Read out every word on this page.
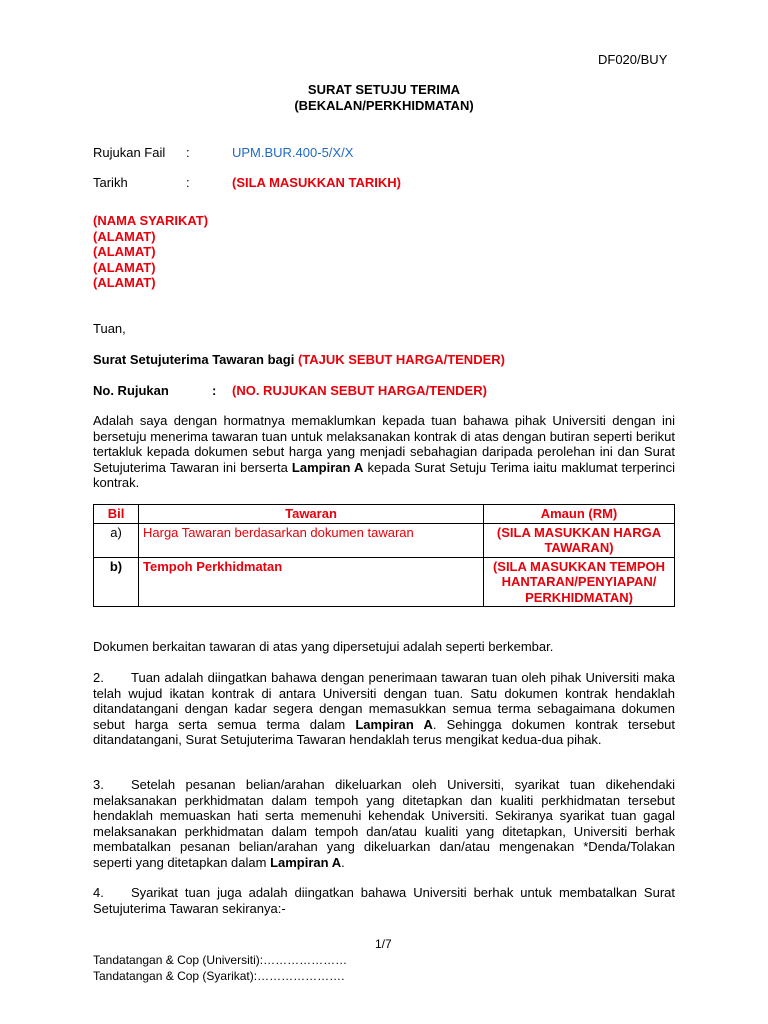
DF020/BUY
SURAT SETUJU TERIMA
(BEKALAN/PERKHIDMATAN)
Rujukan Fail :	UPM.BUR.400-5/X/X
Tarikh	:	(SILA MASUKKAN TARIKH)
(NAMA SYARIKAT)
(ALAMAT)
(ALAMAT)
(ALAMAT)
(ALAMAT)
Tuan,
Surat Setujuterima Tawaran bagi (TAJUK SEBUT HARGA/TENDER)
No. Rujukan	: (NO. RUJUKAN SEBUT HARGA/TENDER)
Adalah saya dengan hormatnya memaklumkan kepada tuan bahawa pihak Universiti dengan ini bersetuju menerima tawaran tuan untuk melaksanakan kontrak di atas dengan butiran seperti berikut tertakluk kepada dokumen sebut harga yang menjadi sebahagian daripada perolehan ini dan Surat Setujuterima Tawaran ini berserta Lampiran A kepada Surat Setuju Terima iaitu maklumat terperinci kontrak.
Bil	Tawaran	Amaun (RM)
a)	Harga Tawaran berdasarkan dokumen tawaran	(SILA MASUKKAN HARGA TAWARAN)
b)	Tempoh Perkhidmatan	(SILA MASUKKAN TEMPOH HANTARAN/PENYIAPAN/ PERKHIDMATAN)
Dokumen berkaitan tawaran di atas yang dipersetujui adalah seperti berkembar.
2. Tuan adalah diingatkan bahawa dengan penerimaan tawaran tuan oleh pihak Universiti maka telah wujud ikatan kontrak di antara Universiti dengan tuan. Satu dokumen kontrak hendaklah ditandatangani dengan kadar segera dengan memasukkan semua terma sebagaimana dokumen sebut harga serta semua terma dalam Lampiran A. Sehingga dokumen kontrak tersebut ditandatangani, Surat Setujuterima Tawaran hendaklah terus mengikat kedua-dua pihak.
3. Setelah pesanan belian/arahan dikeluarkan oleh Universiti, syarikat tuan dikehendaki melaksanakan perkhidmatan dalam tempoh yang ditetapkan dan kualiti perkhidmatan tersebut hendaklah memuaskan hati serta memenuhi kehendak Universiti. Sekiranya syarikat tuan gagal melaksanakan perkhidmatan dalam tempoh dan/atau kualiti yang ditetapkan, Universiti berhak membatalkan pesanan belian/arahan yang dikeluarkan dan/atau mengenakan *Denda/Tolakan seperti yang ditetapkan dalam Lampiran A.
4. Syarikat tuan juga adalah diingatkan bahawa Universiti berhak untuk membatalkan Surat Setujuterima Tawaran sekiranya:-
1/7
Tandatangan & Cop (Universiti):…………………
Tandatangan & Cop (Syarikat):………………….
